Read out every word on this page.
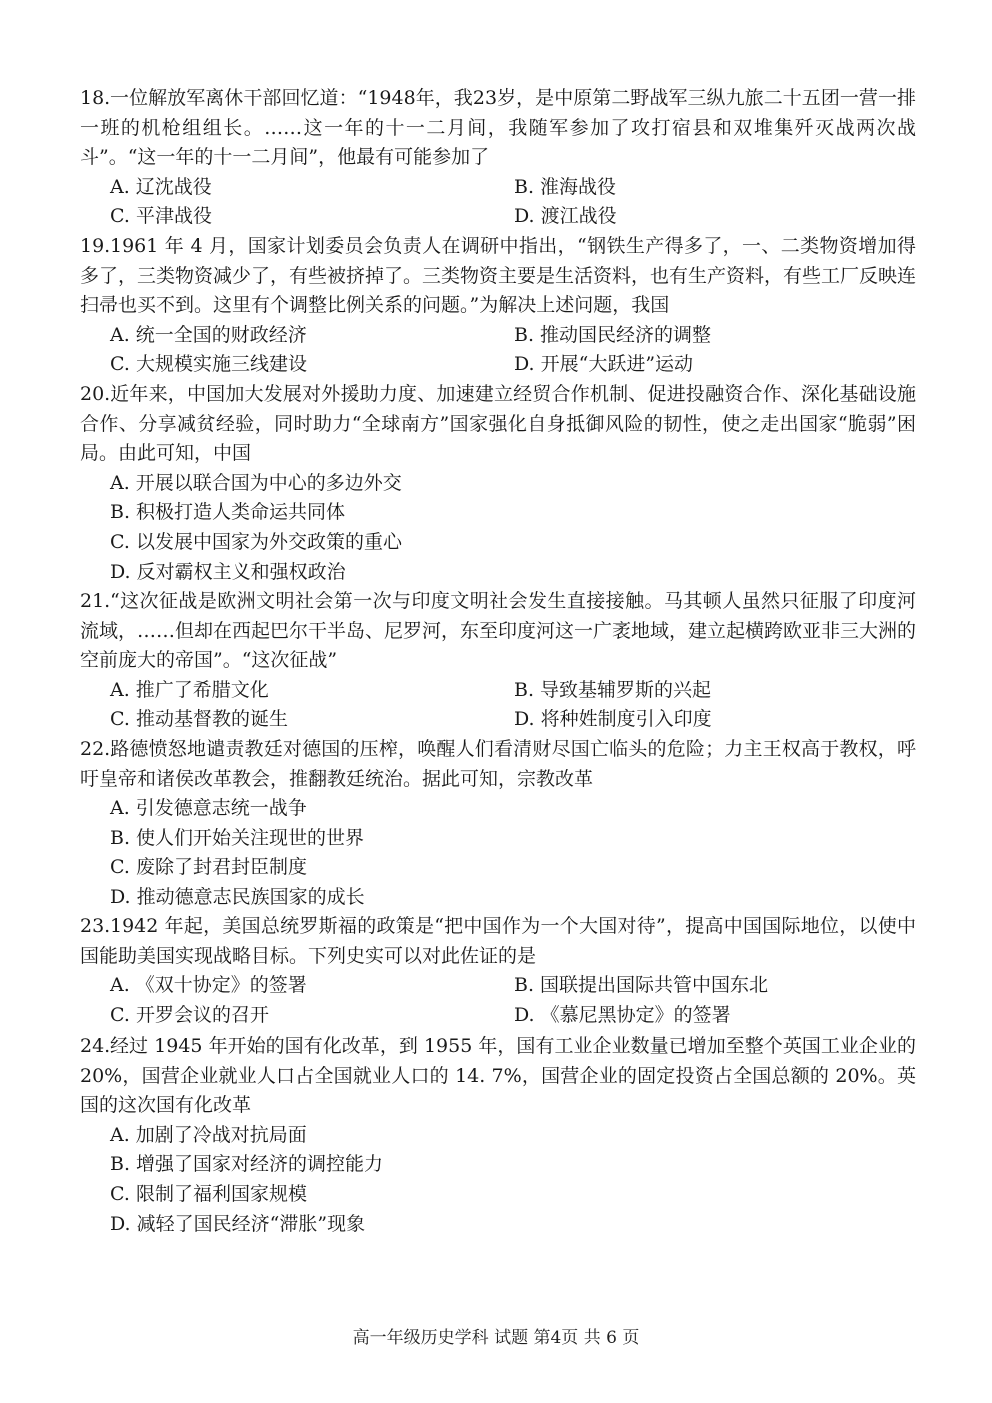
18.一位解放军离休干部回忆道：“1948年，我23岁，是中原第二野战军三纵九旅二十五团一营一排一班的机枪组组长。……这一年的十一二月间，我随军参加了攻打宿县和双堆集歼灭战两次战斗”。“这一年的十一二月间”，他最有可能参加了
A. 辽沈战役	B. 淮海战役
C. 平津战役	D. 渡江战役
19.1961 年 4 月，国家计划委员会负责人在调研中指出，“钢铁生产得多了，一、二类物资增加得多了，三类物资减少了，有些被挤掉了。三类物资主要是生活资料，也有生产资料，有些工厂反映连扫帚也买不到。这里有个调整比例关系的问题。”为解决上述问题，我国
A. 统一全国的财政经济	B. 推动国民经济的调整
C. 大规模实施三线建设	D. 开展“大跃进”运动
20.近年来，中国加大发展对外援助力度、加速建立经贸合作机制、促进投融资合作、深化基础设施合作、分享减贫经验，同时助力“全球南方”国家强化自身抵御风险的韧性，使之走出国家“脆弱”困局。由此可知，中国
A. 开展以联合国为中心的多边外交
B. 积极打造人类命运共同体
C. 以发展中国家为外交政策的重心
D. 反对霸权主义和强权政治
21.“这次征战是欧洲文明社会第一次与印度文明社会发生直接接触。马其顿人虽然只征服了印度河流域，……但却在西起巴尔干半岛、尼罗河，东至印度河这一广袤地域，建立起横跨欧亚非三大洲的空前庞大的帝国”。“这次征战”
A. 推广了希腊文化	B. 导致基辅罗斯的兴起
C. 推动基督教的诞生	D. 将种姓制度引入印度
22.路德愤怒地谴责教廷对德国的压榨，唤醒人们看清财尽国亡临头的危险；力主王权高于教权，呼吁皇帝和诸侯改革教会，推翻教廷统治。据此可知，宗教改革
A. 引发德意志统一战争
B. 使人们开始关注现世的世界
C. 废除了封君封臣制度
D. 推动德意志民族国家的成长
23.1942 年起，美国总统罗斯福的政策是“把中国作为一个大国对待”，提高中国国际地位，以使中国能助美国实现战略目标。下列史实可以对此佐证的是
A. 《双十协定》的签署	B. 国联提出国际共管中国东北
C. 开罗会议的召开	D. 《慕尼黑协定》的签署
24.经过 1945 年开始的国有化改革，到 1955 年，国有工业企业数量已增加至整个英国工业企业的 20%，国营企业就业人口占全国就业人口的 14. 7%，国营企业的固定投资占全国总额的 20%。英国的这次国有化改革
A. 加剧了冷战对抗局面
B. 增强了国家对经济的调控能力
C. 限制了福利国家规模
D. 减轻了国民经济“滞胀”现象
高一年级历史学科 试题 第4页 共 6 页
